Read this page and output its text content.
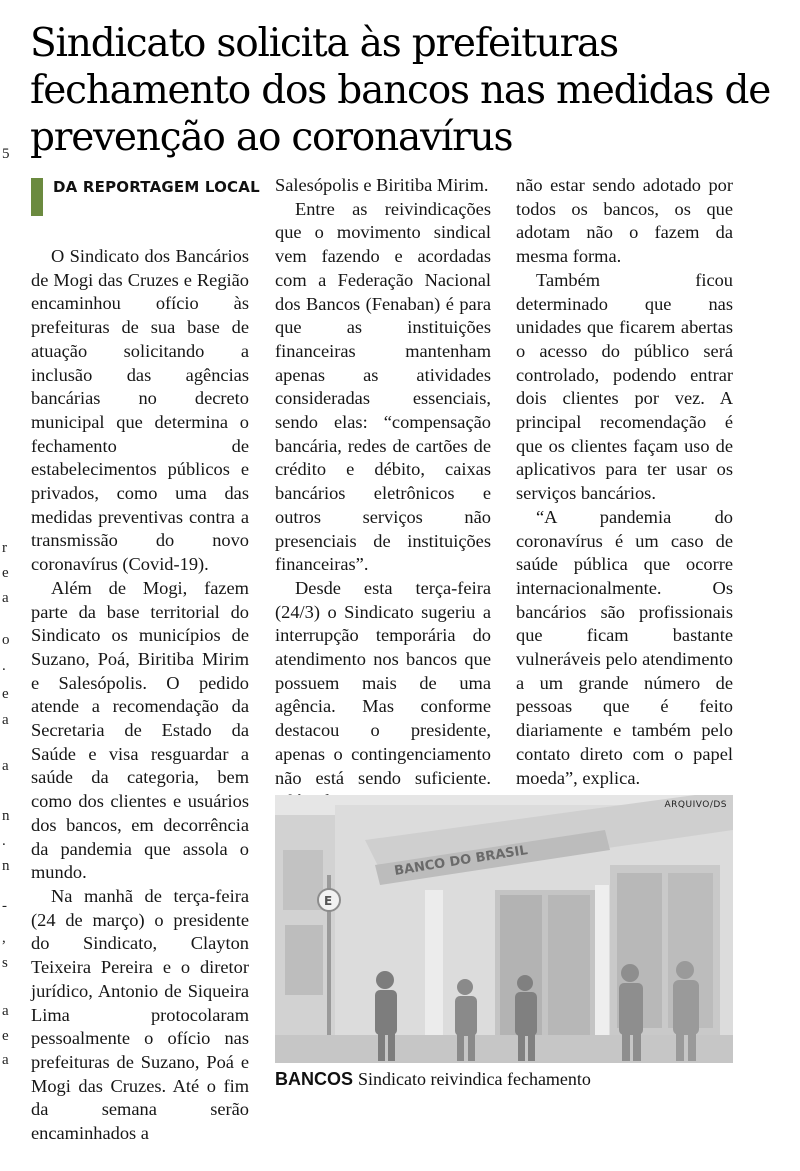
5
r
e
a
o
.
e
a
a
n
.
n
-
,
s
a
e
a
Sindicato solicita às prefeituras fechamento dos bancos nas medidas de prevenção ao coronavírus
DA REPORTAGEM LOCAL

O Sindicato dos Bancários de Mogi das Cruzes e Região encaminhou ofício às prefeituras de sua base de atuação solicitando a inclusão das agências bancárias no decreto municipal que determina o fechamento de estabelecimentos públicos e privados, como uma das medidas preventivas contra a transmissão do novo coronavírus (Covid-19).

Além de Mogi, fazem parte da base territorial do Sindicato os municípios de Suzano, Poá, Biritiba Mirim e Salesópolis. O pedido atende a recomendação da Secretaria de Estado da Saúde e visa resguardar a saúde da categoria, bem como dos clientes e usuários dos bancos, em decorrência da pandemia que assola o mundo.

Na manhã de terça-feira (24 de março) o presidente do Sindicato, Clayton Teixeira Pereira e o diretor jurídico, Antonio de Siqueira Lima protocolaram pessoalmente o ofício nas prefeituras de Suzano, Poá e Mogi das Cruzes. Até o fim da semana serão encaminhados a

Salesópolis e Biritiba Mirim.

Entre as reivindicações que o movimento sindical vem fazendo e acordadas com a Federação Nacional dos Bancos (Fenaban) é para que as instituições financeiras mantenham apenas as atividades consideradas essenciais, sendo elas: “compensação bancária, redes de cartões de crédito e débito, caixas bancários eletrônicos e outros serviços não presenciais de instituições financeiras”.

Desde esta terça-feira (24/3) o Sindicato sugeriu a interrupção temporária do atendimento nos bancos que possuem mais de uma agência. Mas conforme destacou o presidente, apenas o contingenciamento não está sendo suficiente.

não estar sendo adotado por todos os bancos, os que adotam não o fazem da mesma forma.

Também ficou determinado que nas unidades que ficarem abertas o acesso do público será controlado, podendo entrar dois clientes por vez. A principal recomendação é que os clientes façam uso de aplicativos para ter usar os serviços bancários.

“A pandemia do coronavírus é um caso de saúde pública que ocorre internacionalmente. Os bancários são profissionais que ficam bastante vulneráveis pelo atendimento a um grande número de pessoas que é feito diariamente e também pelo contato direto com o papel moeda”, explica.

BANCO DO BRASIL
E
ARQUIVO/DS
BANCOS Sindicato reivindica fechamento
